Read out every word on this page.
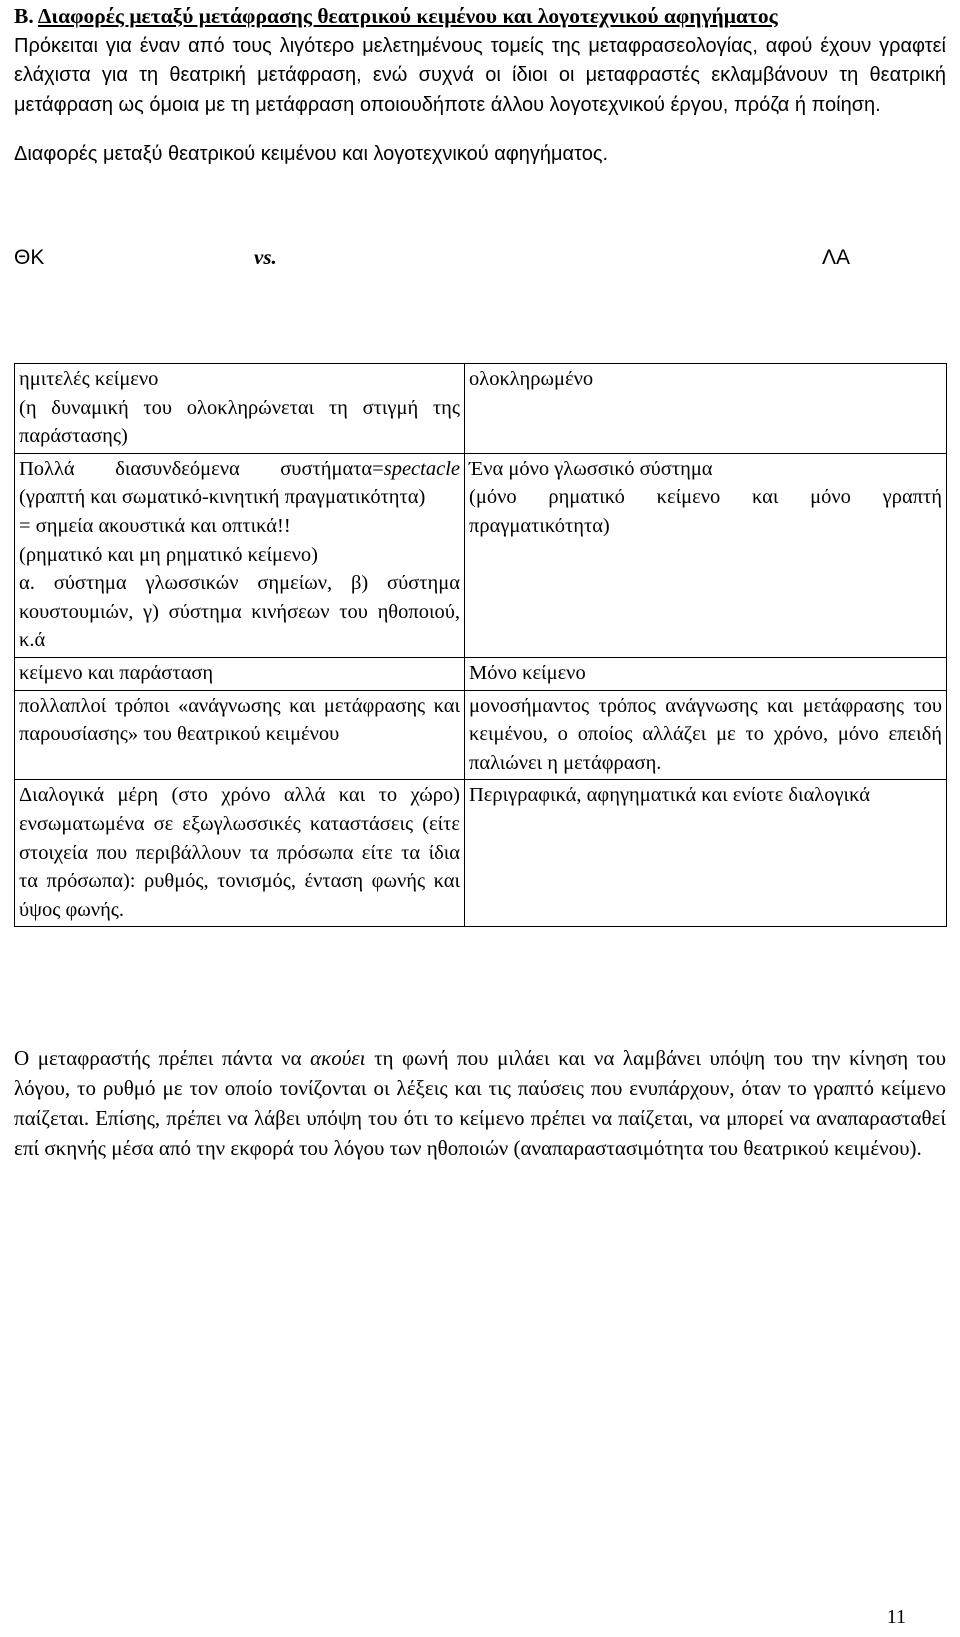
Β. Διαφορές μεταξύ μετάφρασης θεατρικού κειμένου και λογοτεχνικού αφηγήματος
Πρόκειται για έναν από τους λιγότερο μελετημένους τομείς της μεταφρασεολογίας, αφού έχουν γραφτεί ελάχιστα για τη θεατρική μετάφραση, ενώ συχνά οι ίδιοι οι μεταφραστές εκλαμβάνουν τη θεατρική μετάφραση ως όμοια με τη μετάφραση οποιουδήποτε άλλου λογοτεχνικού έργου, πρόζα ή ποίηση.
Διαφορές μεταξύ θεατρικού κειμένου και λογοτεχνικού αφηγήματος.
ΘΚ	vs.	ΛΑ
ημιτελές κείμενο
(η δυναμική του ολοκληρώνεται τη στιγμή της παράστασης)	ολοκληρωμένο

Πολλά διασυνδεόμενα συστήματα=spectacle (γραπτή και σωματικό-κινητική πραγματικότητα)
= σημεία ακουστικά και οπτικά!!
(ρηματικό και μη ρηματικό κείμενο)
α. σύστημα γλωσσικών σημείων, β) σύστημα κουστουμιών, γ) σύστημα κινήσεων του ηθοποιού, κ.ά	Ένα μόνο γλωσσικό σύστημα
(μόνο ρηματικό κείμενο και μόνο γραπτή πραγματικότητα)

κείμενο και παράσταση	Μόνο κείμενο

πολλαπλοί τρόποι «ανάγνωσης και μετάφρασης και παρουσίασης» του θεατρικού κειμένου	μονοσήμαντος τρόπος ανάγνωσης και μετάφρασης του κειμένου, ο οποίος αλλάζει με το χρόνο, μόνο επειδή παλιώνει η μετάφραση.

Διαλογικά μέρη (στο χρόνο αλλά και το χώρο) ενσωματωμένα σε εξωγλωσσικές καταστάσεις (είτε στοιχεία που περιβάλλουν τα πρόσωπα είτε τα ίδια τα πρόσωπα): ρυθμός, τονισμός, ένταση φωνής και ύψος φωνής.	Περιγραφικά, αφηγηματικά και ενίοτε διαλογικά
Ο μεταφραστής πρέπει πάντα να ακούει τη φωνή που μιλάει και να λαμβάνει υπόψη του την κίνηση του λόγου, το ρυθμό με τον οποίο τονίζονται οι λέξεις και τις παύσεις που ενυπάρχουν, όταν το γραπτό κείμενο παίζεται. Επίσης, πρέπει να λάβει υπόψη του ότι το κείμενο πρέπει να παίζεται, να μπορεί να αναπαρασταθεί επί σκηνής μέσα από την εκφορά του λόγου των ηθοποιών (αναπαραστασιμότητα του θεατρικού κειμένου).
11
